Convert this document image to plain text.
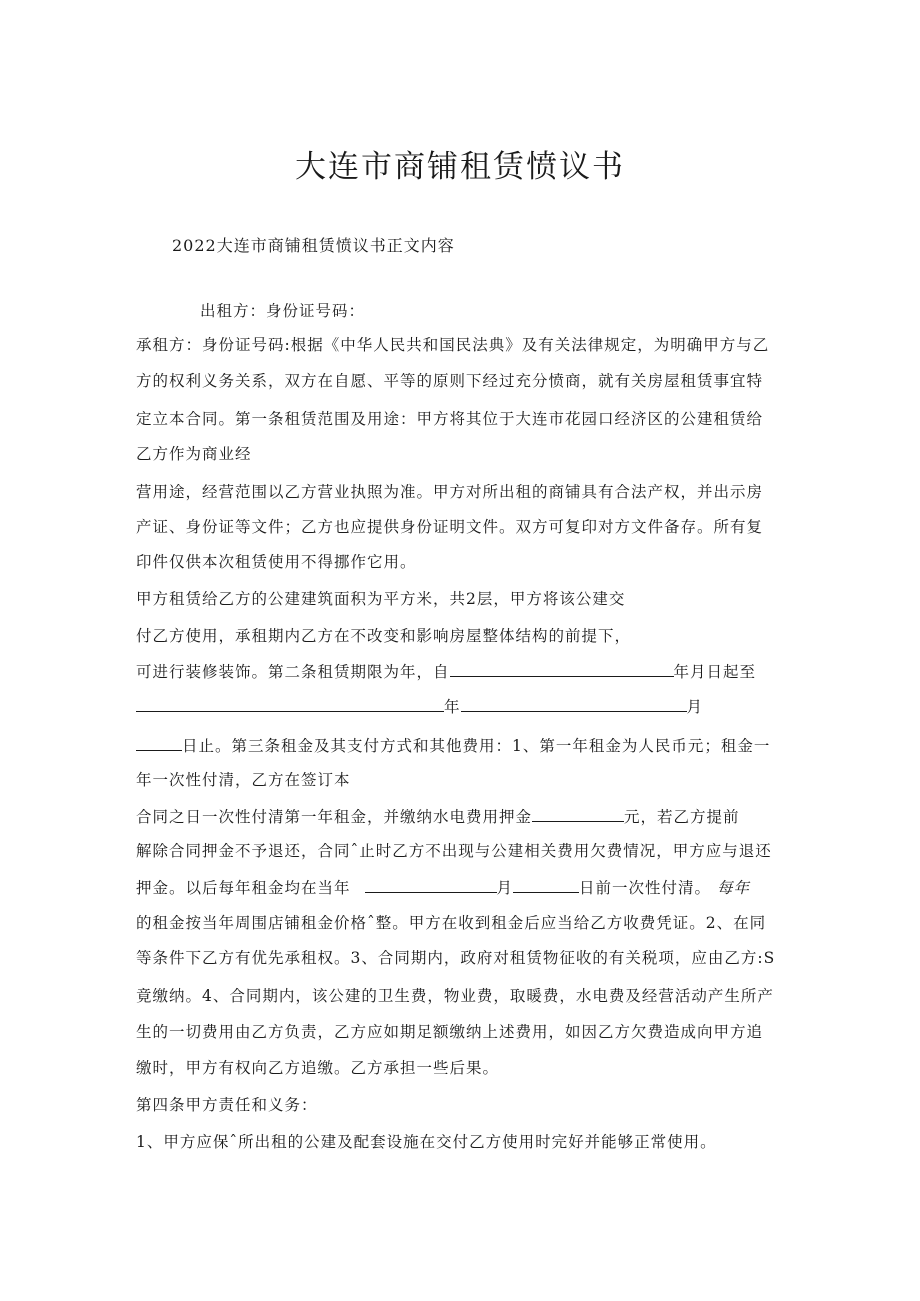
大连市商铺租赁愤议书
2022大连市商铺租赁愤议书正文内容
出租方：身份证号码：
承租方：身份证号码:根据《中华人民共和国民法典》及有关法律规定，为明确甲方与乙
方的权利义务关系，双方在自愿、平等的原则下经过充分愤商，就有关房屋租赁事宜特
定立本合同。第一条租赁范围及用途：甲方将其位于大连市花园口经济区的公建租赁给
乙方作为商业经
营用途，经营范围以乙方营业执照为准。甲方对所出租的商铺具有合法产权，并出示房
产证、身份证等文件；乙方也应提供身份证明文件。双方可复印对方文件备存。所有复
印件仅供本次租赁使用不得挪作它用。
甲方租赁给乙方的公建建筑面积为平方米，共2层，甲方将该公建交
付乙方使用，承租期内乙方在不改变和影响房屋整体结构的前提下，
可进行装修装饰。第二条租赁期限为年，自	年月日起至
年	月
日止。第三条租金及其支付方式和其他费用：1、第一年租金为人民币元；租金一
年一次性付清，乙方在签订本
合同之日一次性付清第一年租金，并缴纳水电费用押金	元，若乙方提前
解除合同押金不予退还，合同ˆ止时乙方不出现与公建相关费用欠费情况，甲方应与退还
押金。以后每年租金均在当年	月	日前一次性付清。 每年
的租金按当年周围店铺租金价格ˆ整。甲方在收到租金后应当给乙方收费凭证。2、在同
等条件下乙方有优先承租权。3、合同期内，政府对租赁物征收的有关税项，应由乙方:S
竟缴纳。4、合同期内，该公建的卫生费，物业费，取暖费，水电费及经营活动产生所产
生的一切费用由乙方负责，乙方应如期足额缴纳上述费用，如因乙方欠费造成向甲方追
缴时，甲方有权向乙方追缴。乙方承担一些后果。
第四条甲方责任和义务：
1、甲方应保ˆ所出租的公建及配套设施在交付乙方使用时完好并能够正常使用。
